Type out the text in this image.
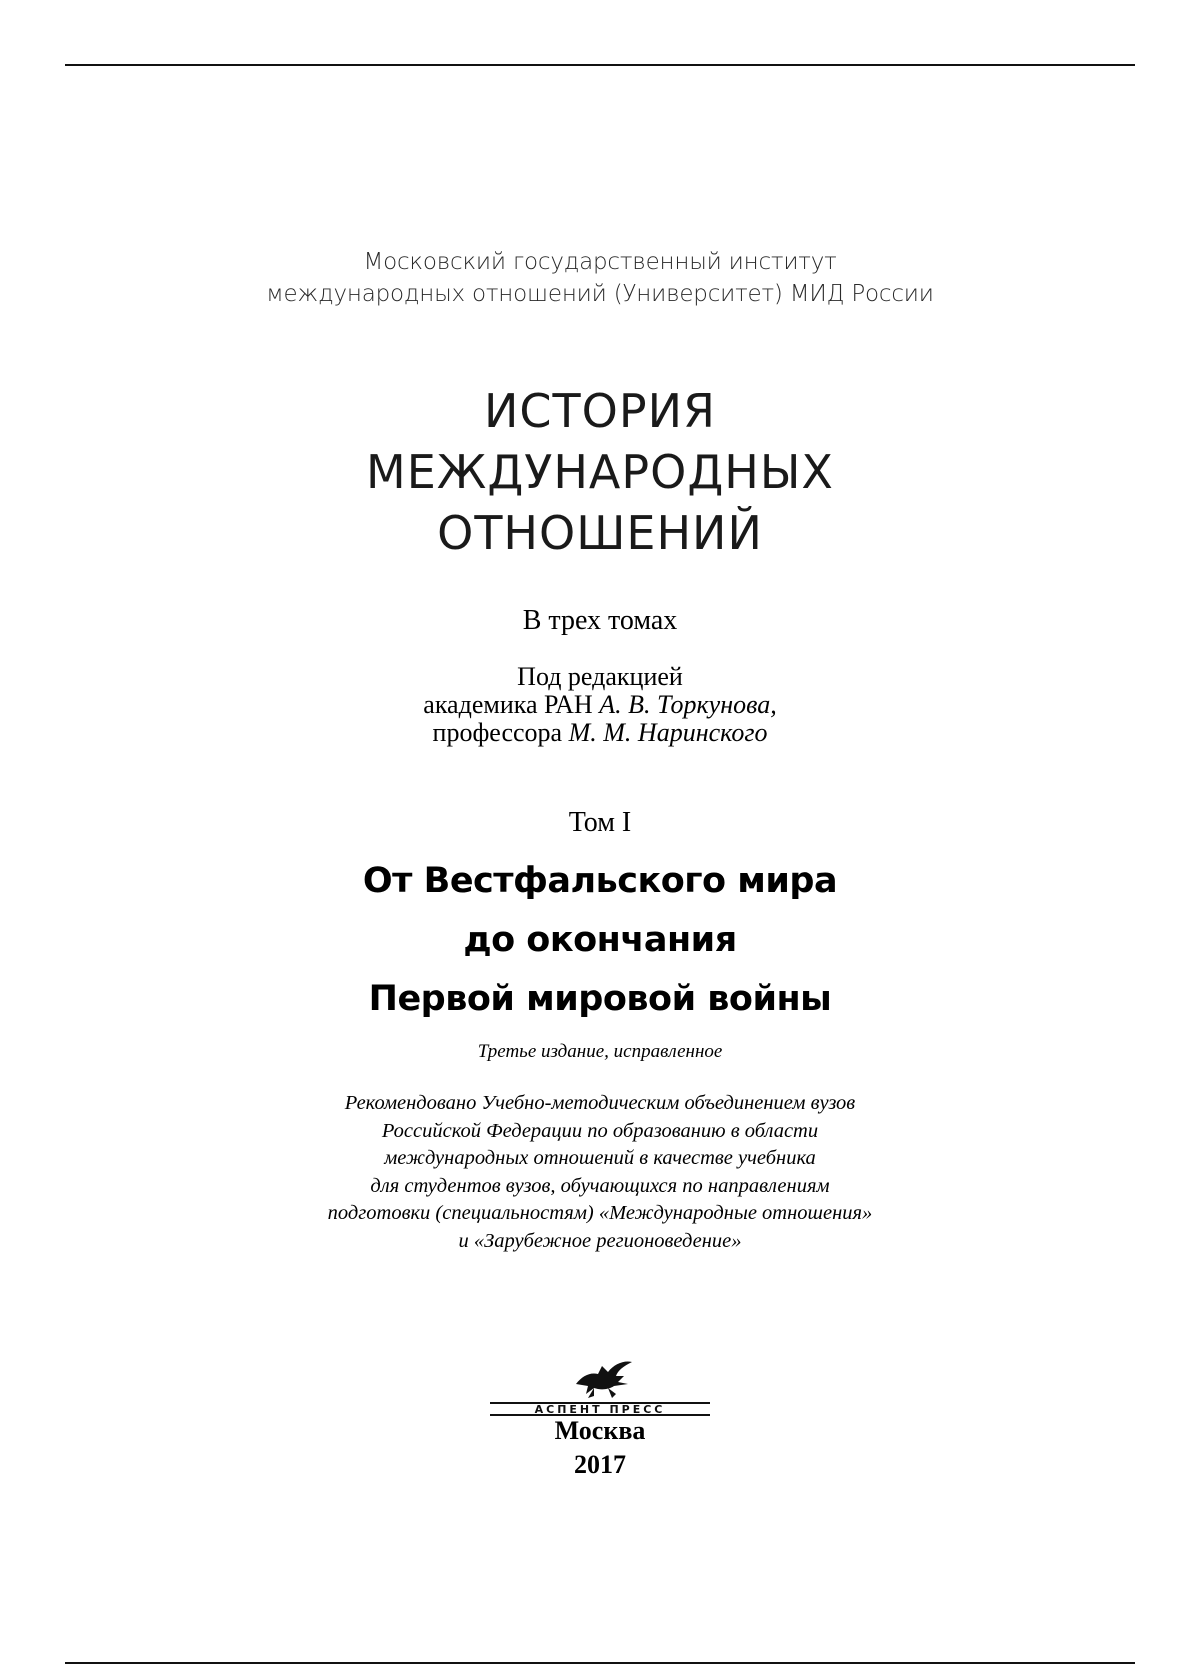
Московский государственный институт
международных отношений (Университет) МИД России
ИСТОРИЯ
МЕЖДУНАРОДНЫХ
ОТНОШЕНИЙ
В трех томах
Под редакцией
академика РАН А. В. Торкунова,
профессора М. М. Наринского
Том I
От Вестфальского мира
до окончания
Первой мировой войны
Третье издание, исправленное
Рекомендовано Учебно-методическим объединением вузов
Российской Федерации по образованию в области
международных отношений в качестве учебника
для студентов вузов, обучающихся по направлениям
подготовки (специальностям) «Международные отношения»
и «Зарубежное регионоведение»
АСПЕНТ ПРЕСС
Москва
2017
